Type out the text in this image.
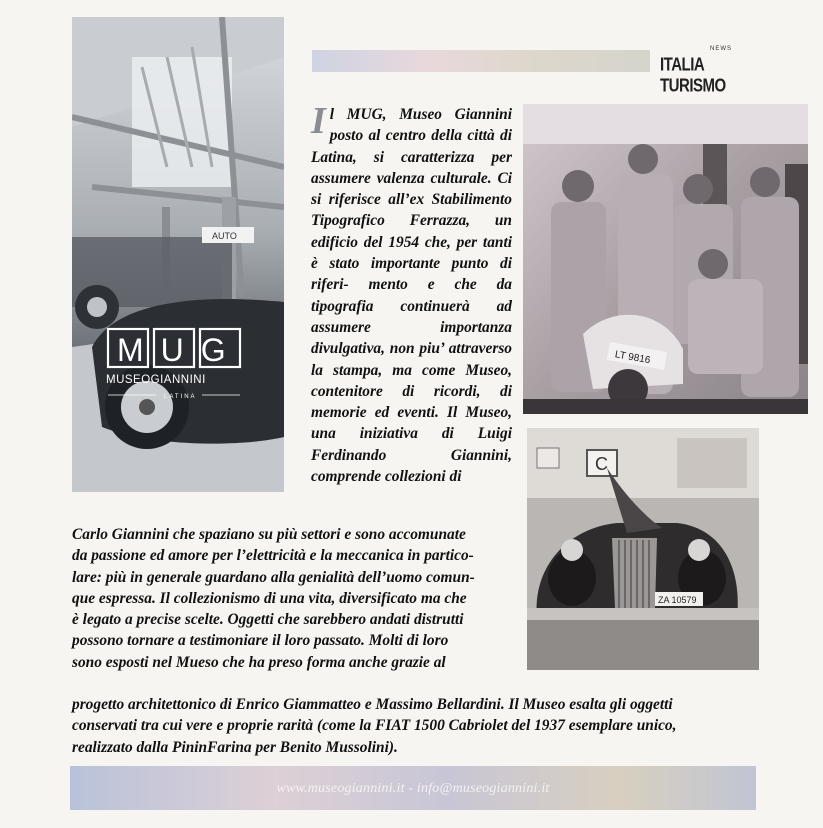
NEWS
ITALIA TURISMO
AUTO
MUG
MUSEOGIANNINI
LATINA
LT 9816
C
ZA 10579

I l MUG, Museo Giannini posto al centro della città di Latina, si caratterizza per assumere valenza culturale. Ci si riferisce all’ex Stabilimento Tipografico Ferrazza, un edificio del 1954 che, per tanti è stato importante punto di riferi- mento e che da tipografia continuerà ad assumere importanza divulgativa, non piu’ attraverso la stampa, ma come Museo, contenitore di ricordi, di memorie ed eventi. Il Museo, una iniziativa di Luigi Ferdinando Giannini, comprende collezioni di

Carlo Giannini che spaziano su più settori e sono accomunate
da passione ed amore per l’elettricità e la meccanica in partico-
lare: più in generale guardano alla genialità dell’uomo comun-
que espressa. Il collezionismo di una vita, diversificato ma che
è legato a precise scelte. Oggetti che sarebbero andati distrutti
possono tornare a testimoniare il loro passato. Molti di loro
sono esposti nel Mueso che ha preso forma anche grazie al
progetto architettonico di Enrico Giammatteo e Massimo Bellardini. Il Museo esalta gli oggetti
conservati tra cui vere e proprie rarità (come la FIAT 1500 Cabriolet del 1937 esemplare unico,
realizzato dalla PininFarina per Benito Mussolini).
www.museogiannini.it - info@museogiannini.it
